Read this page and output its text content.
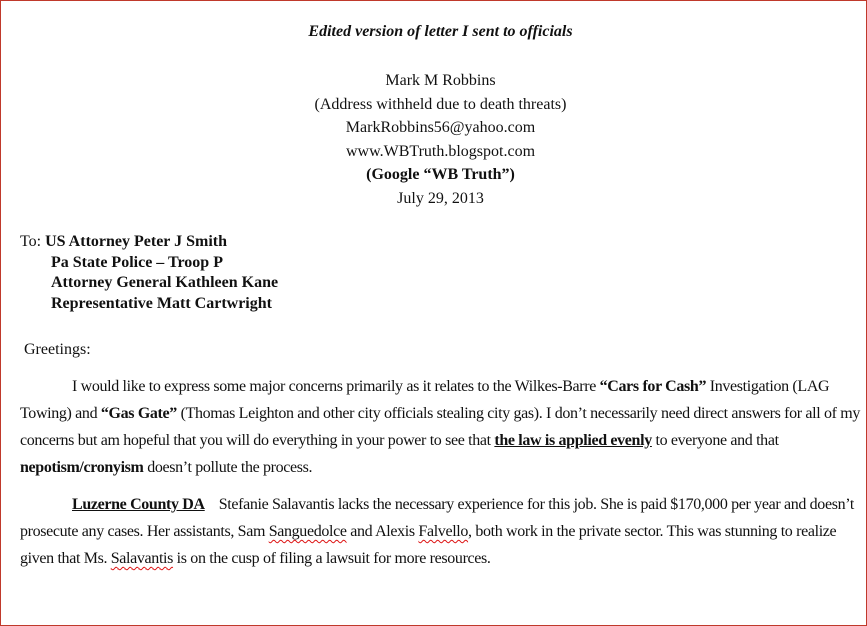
Edited version of letter I sent to officials
Mark M Robbins
(Address withheld due to death threats)
MarkRobbins56@yahoo.com
www.WBTruth.blogspot.com
(Google “WB Truth”)
July 29, 2013
To: US Attorney Peter J Smith
Pa State Police – Troop P
Attorney General Kathleen Kane
Representative Matt Cartwright
Greetings:
I would like to express some major concerns primarily as it relates to the Wilkes-Barre “Cars for Cash” Investigation (LAG Towing) and “Gas Gate” (Thomas Leighton and other city officials stealing city gas). I don’t necessarily need direct answers for all of my concerns but am hopeful that you will do everything in your power to see that the law is applied evenly to everyone and that nepotism/cronyism doesn’t pollute the process.
Luzerne County DA Stefanie Salavantis lacks the necessary experience for this job. She is paid $170,000 per year and doesn’t prosecute any cases. Her assistants, Sam Sanguedolce and Alexis Falvello, both work in the private sector. This was stunning to realize given that Ms. Salavantis is on the cusp of filing a lawsuit for more resources.
